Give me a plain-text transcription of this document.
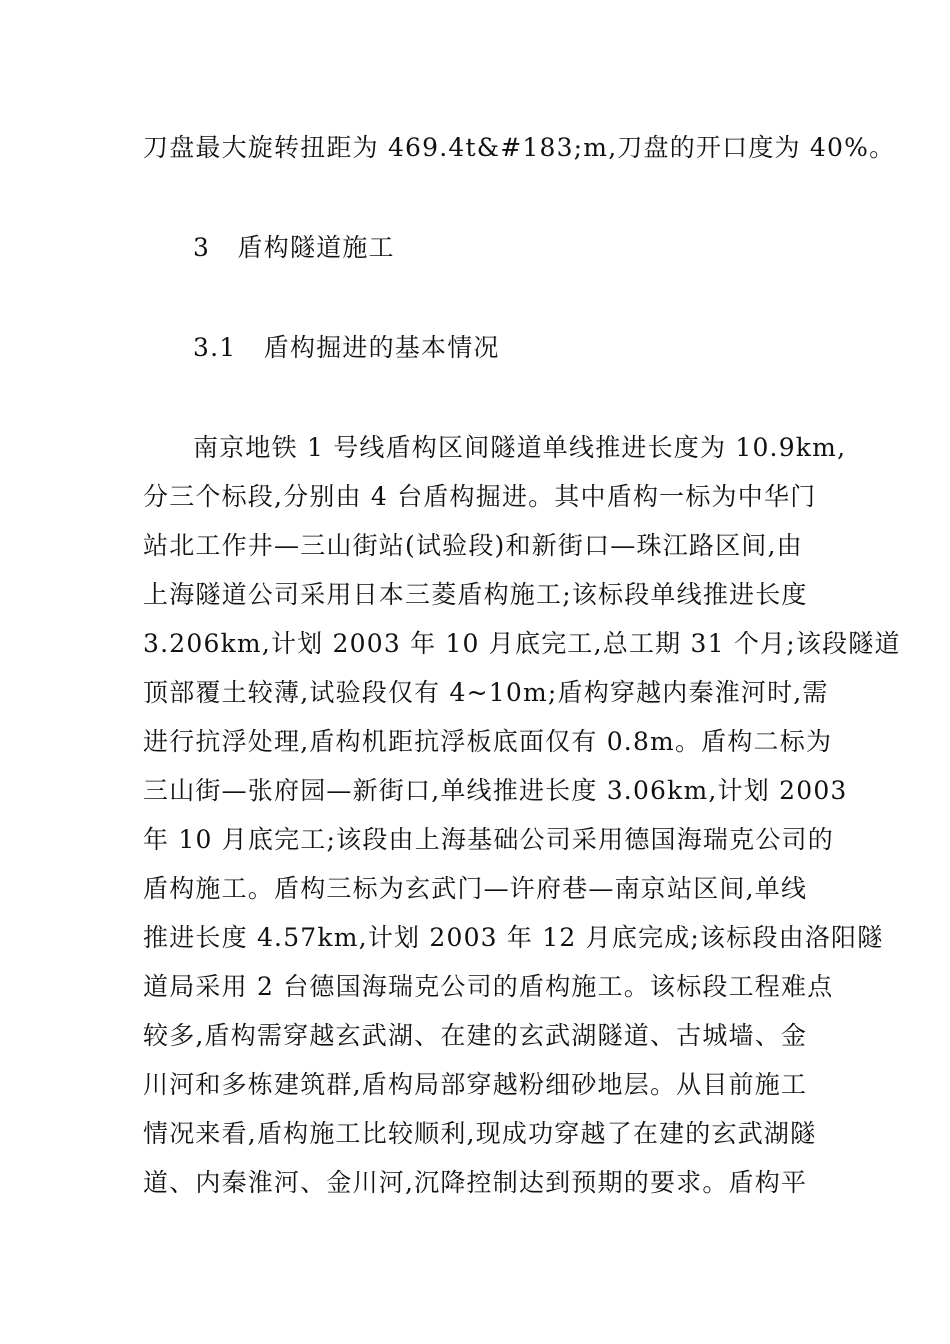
刀盘最大旋转扭距为 469.4t&#183;m,刀盘的开口度为 40%。
3   盾构隧道施工
3.1   盾构掘进的基本情况
南京地铁 1 号线盾构区间隧道单线推进长度为 10.9km,
分三个标段,分别由 4 台盾构掘进。其中盾构一标为中华门
站北工作井—三山街站(试验段)和新街口—珠江路区间,由
上海隧道公司采用日本三菱盾构施工;该标段单线推进长度
3.206km,计划 2003 年 10 月底完工,总工期 31 个月;该段隧道
顶部覆土较薄,试验段仅有 4~10m;盾构穿越内秦淮河时,需
进行抗浮处理,盾构机距抗浮板底面仅有 0.8m。盾构二标为
三山街—张府园—新街口,单线推进长度 3.06km,计划 2003
年 10 月底完工;该段由上海基础公司采用德国海瑞克公司的
盾构施工。盾构三标为玄武门—许府巷—南京站区间,单线
推进长度 4.57km,计划 2003 年 12 月底完成;该标段由洛阳隧
道局采用 2 台德国海瑞克公司的盾构施工。该标段工程难点
较多,盾构需穿越玄武湖、在建的玄武湖隧道、古城墙、金
川河和多栋建筑群,盾构局部穿越粉细砂地层。从目前施工
情况来看,盾构施工比较顺利,现成功穿越了在建的玄武湖隧
道、内秦淮河、金川河,沉降控制达到预期的要求。盾构平
